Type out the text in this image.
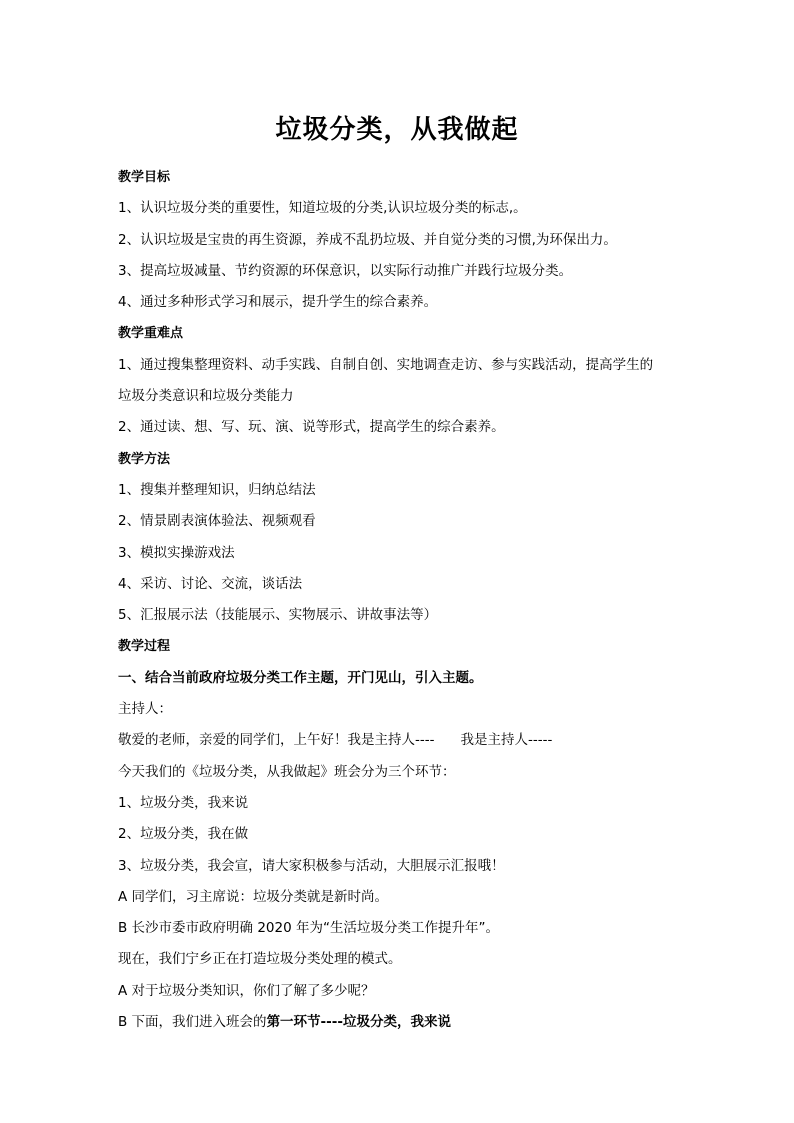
垃圾分类，从我做起
教学目标
1、认识垃圾分类的重要性，知道垃圾的分类,认识垃圾分类的标志,。
2、认识垃圾是宝贵的再生资源，养成不乱扔垃圾、并自觉分类的习惯,为环保出力。
3、提高垃圾减量、节约资源的环保意识，以实际行动推广并践行垃圾分类。
4、通过多种形式学习和展示，提升学生的综合素养。
教学重难点
1、通过搜集整理资料、动手实践、自制自创、实地调查走访、参与实践活动，提高学生的
垃圾分类意识和垃圾分类能力
2、通过读、想、写、玩、演、说等形式，提高学生的综合素养。
教学方法
1、搜集并整理知识，归纳总结法
2、情景剧表演体验法、视频观看
3、模拟实操游戏法
4、采访、讨论、交流，谈话法
5、汇报展示法（技能展示、实物展示、讲故事法等）
教学过程
一、结合当前政府垃圾分类工作主题，开门见山，引入主题。
主持人：
敬爱的老师，亲爱的同学们，上午好！我是主持人---- 我是主持人-----
今天我们的《垃圾分类，从我做起》班会分为三个环节：
1、垃圾分类，我来说
2、垃圾分类，我在做
3、垃圾分类，我会宣，请大家积极参与活动，大胆展示汇报哦！
A 同学们，习主席说：垃圾分类就是新时尚。
B 长沙市委市政府明确 2020 年为“生活垃圾分类工作提升年”。
现在，我们宁乡正在打造垃圾分类处理的模式。
A 对于垃圾分类知识，你们了解了多少呢？
B 下面，我们进入班会的第一环节----垃圾分类，我来说
